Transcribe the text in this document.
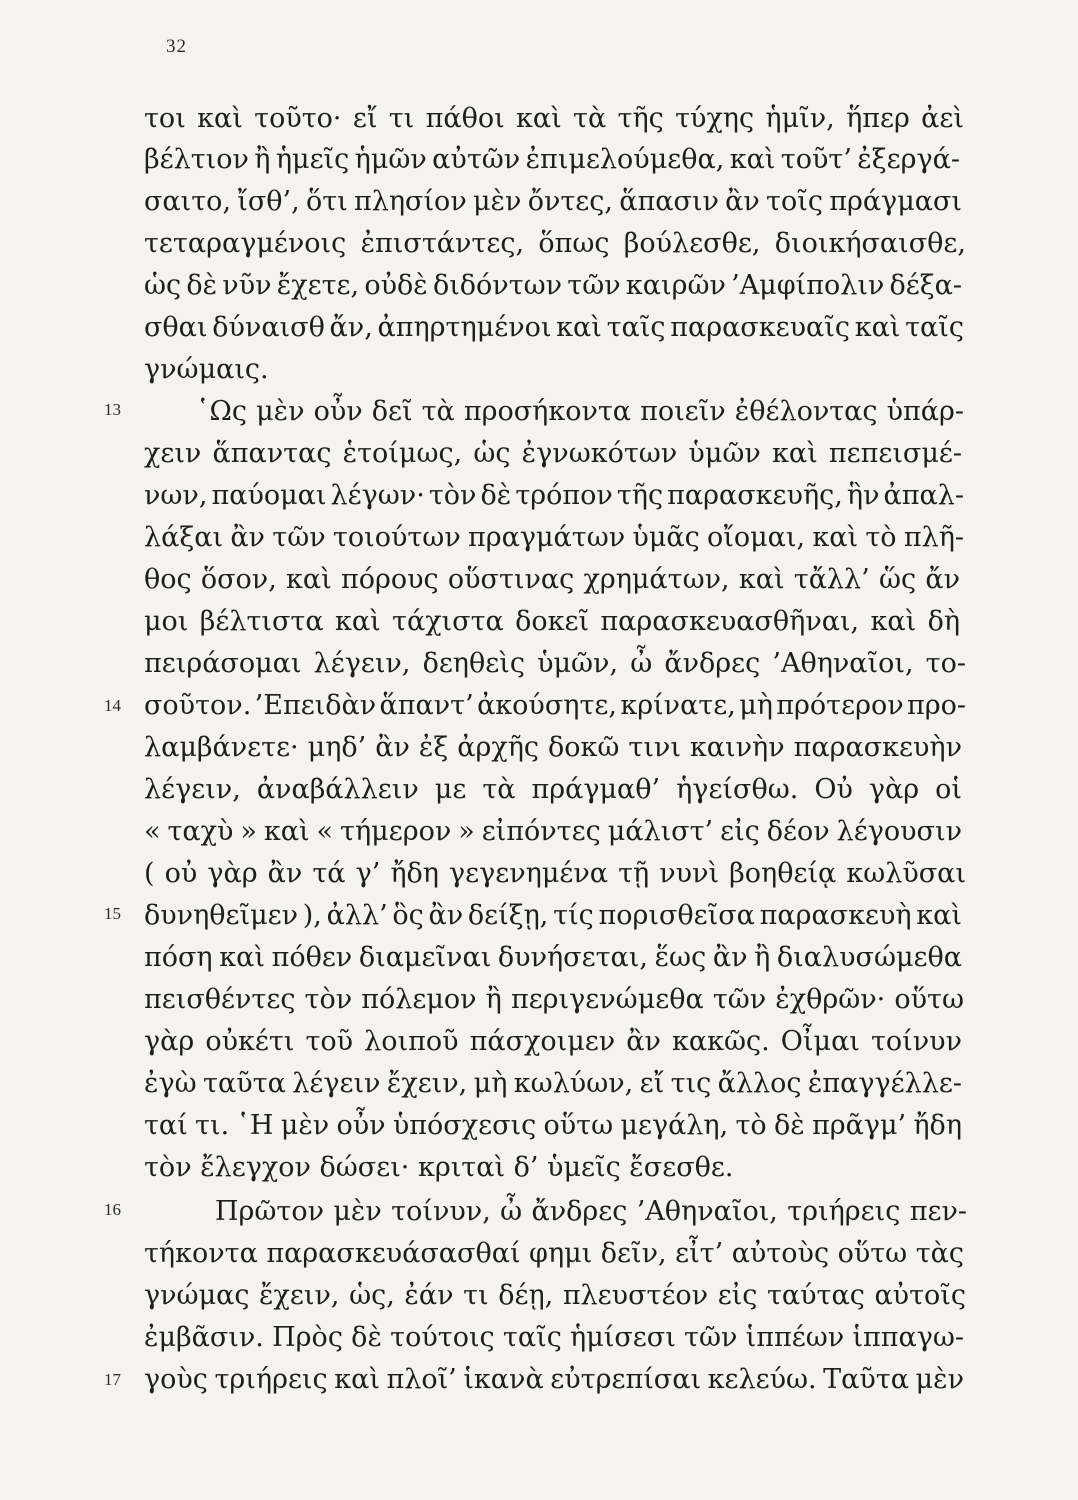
32
τοι καὶ τοῦτο· εἴ τι πάθοι καὶ τὰ τῆς τύχης ἡμῖν, ἥπερ ἀεὶ
βέλτιον ἢ ἡμεῖς ἡμῶν αὐτῶν ἐπιμελούμεθα, καὶ τοῦτ’ ἐξεργά-
σαιτο, ἴσθ’, ὅτι πλησίον μὲν ὄντες, ἅπασιν ἂν τοῖς πράγμασι
τεταραγμένοις ἐπιστάντες, ὅπως βούλεσθε, διοικήσαισθε,
ὡς δὲ νῦν ἔχετε, οὐδὲ διδόντων τῶν καιρῶν ’Αμφίπολιν δέξα-
σθαι δύναισθ ἄν, ἀπηρτημένοι καὶ ταῖς παρασκευαῖς καὶ ταῖς
γνώμαις.
13	῾Ως μὲν οὖν δεῖ τὰ προσήκοντα ποιεῖν ἐθέλοντας ὑπάρ-
χειν ἅπαντας ἑτοίμως, ὡς ἐγνωκότων ὑμῶν καὶ πεπεισμέ-
νων, παύομαι λέγων· τὸν δὲ τρόπον τῆς παρασκευῆς, ἣν ἀπαλ-
λάξαι ἂν τῶν τοιούτων πραγμάτων ὑμᾶς οἴομαι, καὶ τὸ πλῆ-
θος ὅσον, καὶ πόρους οὕστινας χρημάτων, καὶ τἄλλ’ ὥς ἄν
μοι βέλτιστα καὶ τάχιστα δοκεῖ παρασκευασθῆναι, καὶ δὴ
πειράσομαι λέγειν, δεηθεὶς ὑμῶν, ὦ ἄνδρες ’Αθηναῖοι, το-
14 σοῦτον. ’Επειδὰν ἅπαντ’ ἀκούσητε, κρίνατε, μὴ πρότερον προ-
λαμβάνετε· μηδ’ ἂν ἐξ ἀρχῆς δοκῶ τινι καινὴν παρασκευὴν
λέγειν, ἀναβάλλειν με τὰ πράγμαθ’ ἡγείσθω. Οὐ γὰρ οἱ
« ταχὺ » καὶ « τήμερον » εἰπόντες μάλιστ’ εἰς δέον λέγουσιν
( οὐ γὰρ ἂν τά γ’ ἤδη γεγενημένα τῇ νυνὶ βοηθείᾳ κωλῦσαι
15 δυνηθεῖμεν ), ἀλλ’ ὃς ἂν δείξῃ, τίς πορισθεῖσα παρασκευὴ καὶ
πόση καὶ πόθεν διαμεῖναι δυνήσεται, ἕως ἂν ἢ διαλυσώμεθα
πεισθέντες τὸν πόλεμον ἢ περιγενώμεθα τῶν ἐχθρῶν· οὕτω
γὰρ οὐκέτι τοῦ λοιποῦ πάσχοιμεν ἂν κακῶς. Οἶμαι τοίνυν
ἐγὼ ταῦτα λέγειν ἔχειν, μὴ κωλύων, εἴ τις ἄλλος ἐπαγγέλλε-
ταί τι. ῾Η μὲν οὖν ὑπόσχεσις οὕτω μεγάλη, τὸ δὲ πρᾶγμ’ ἤδη
τὸν ἔλεγχον δώσει· κριταὶ δ’ ὑμεῖς ἔσεσθε.
16	Πρῶτον μὲν τοίνυν, ὦ ἄνδρες ’Αθηναῖοι, τριήρεις πεν-
τήκοντα παρασκευάσασθαί φημι δεῖν, εἶτ’ αὐτοὺς οὕτω τὰς
γνώμας ἔχειν, ὡς, ἐάν τι δέῃ, πλευστέον εἰς ταύτας αὐτοῖς
ἐμβᾶσιν. Πρὸς δὲ τούτοις ταῖς ἡμίσεσι τῶν ἱππέων ἱππαγω-
17 γοὺς τριήρεις καὶ πλοῖ’ ἱκανὰ εὐτρεπίσαι κελεύω. Ταῦτα μὲν
